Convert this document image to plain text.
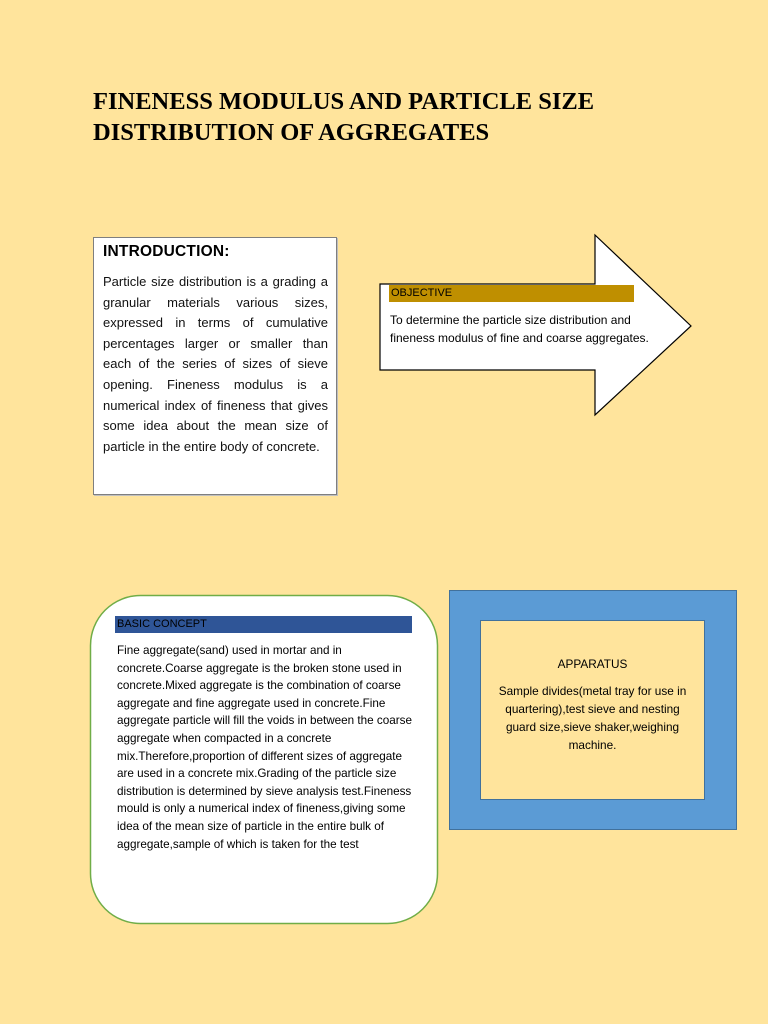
FINENESS MODULUS AND PARTICLE SIZE
DISTRIBUTION OF AGGREGATES
INTRODUCTION:

Particle size distribution is a grading a granular materials various sizes, expressed in terms of cumulative percentages larger or smaller than each of the series of sizes of sieve opening. Fineness modulus is a numerical index of fineness that gives some idea about the mean size of particle in the entire body of concrete.

OBJECTIVE
To determine the particle size distribution and fineness modulus of fine and coarse aggregates.
BASIC CONCEPT
Fine aggregate(sand) used in mortar and in concrete.Coarse aggregate is the broken stone used in concrete.Mixed aggregate is the combination of coarse aggregate and fine aggregate used in concrete.Fine aggregate particle will fill the voids in between the coarse aggregate when compacted in a concrete mix.Therefore,proportion of different sizes of aggregate are used in a concrete mix.Grading of the particle size distribution is determined by sieve analysis test.Fineness mould is only a numerical index of fineness,giving some idea of the mean size of particle in the entire bulk of aggregate,sample of which is taken for the test
APPARATUS
Sample divides(metal tray for use in quartering),test sieve and nesting guard size,sieve shaker,weighing machine.
